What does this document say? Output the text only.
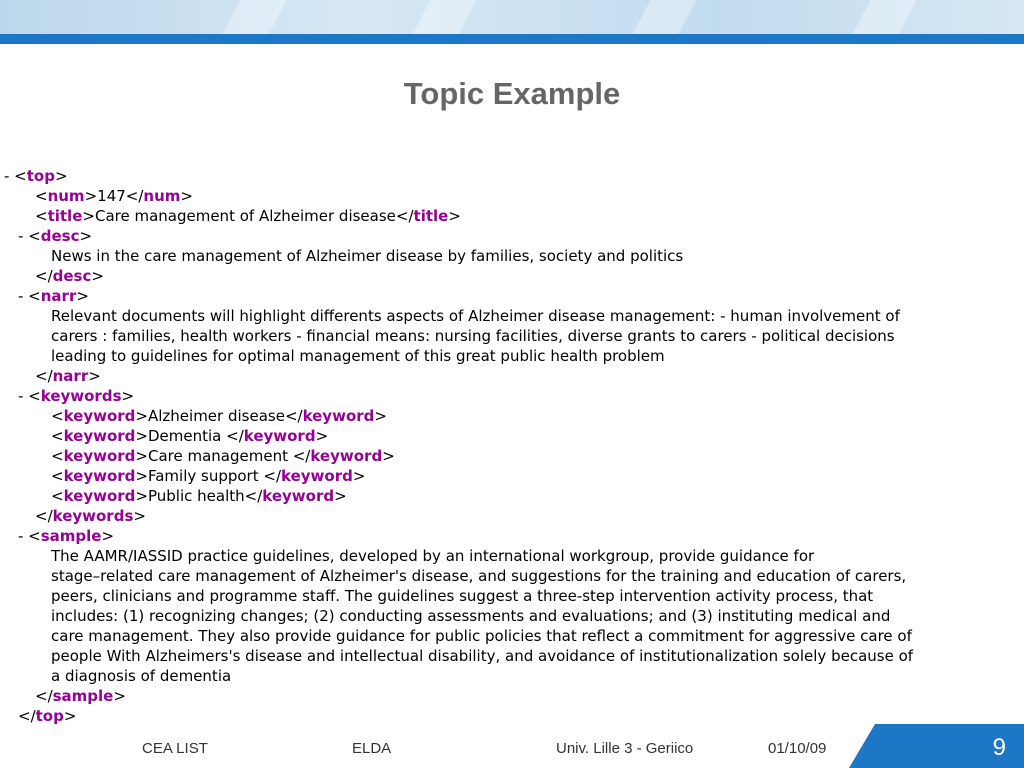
Topic Example
- <top>
<num>147</num>
<title>Care management of Alzheimer disease</title>
- <desc>
News in the care management of Alzheimer disease by families, society and politics
</desc>
- <narr>
Relevant documents will highlight differents aspects of Alzheimer disease management: - human involvement of
carers : families, health workers - financial means: nursing facilities, diverse grants to carers - political decisions
leading to guidelines for optimal management of this great public health problem
</narr>
- <keywords>
<keyword>Alzheimer disease</keyword>
<keyword>Dementia </keyword>
<keyword>Care management </keyword>
<keyword>Family support </keyword>
<keyword>Public health</keyword>
</keywords>
- <sample>
The AAMR/IASSID practice guidelines, developed by an international workgroup, provide guidance for
stage–related care management of Alzheimer's disease, and suggestions for the training and education of carers,
peers, clinicians and programme staff. The guidelines suggest a three-step intervention activity process, that
includes: (1) recognizing changes; (2) conducting assessments and evaluations; and (3) instituting medical and
care management. They also provide guidance for public policies that reflect a commitment for aggressive care of
people With Alzheimers's disease and intellectual disability, and avoidance of institutionalization solely because of
a diagnosis of dementia
</sample>
</top>
CEA LIST	ELDA	Univ. Lille 3 - Geriico	01/10/09	9
